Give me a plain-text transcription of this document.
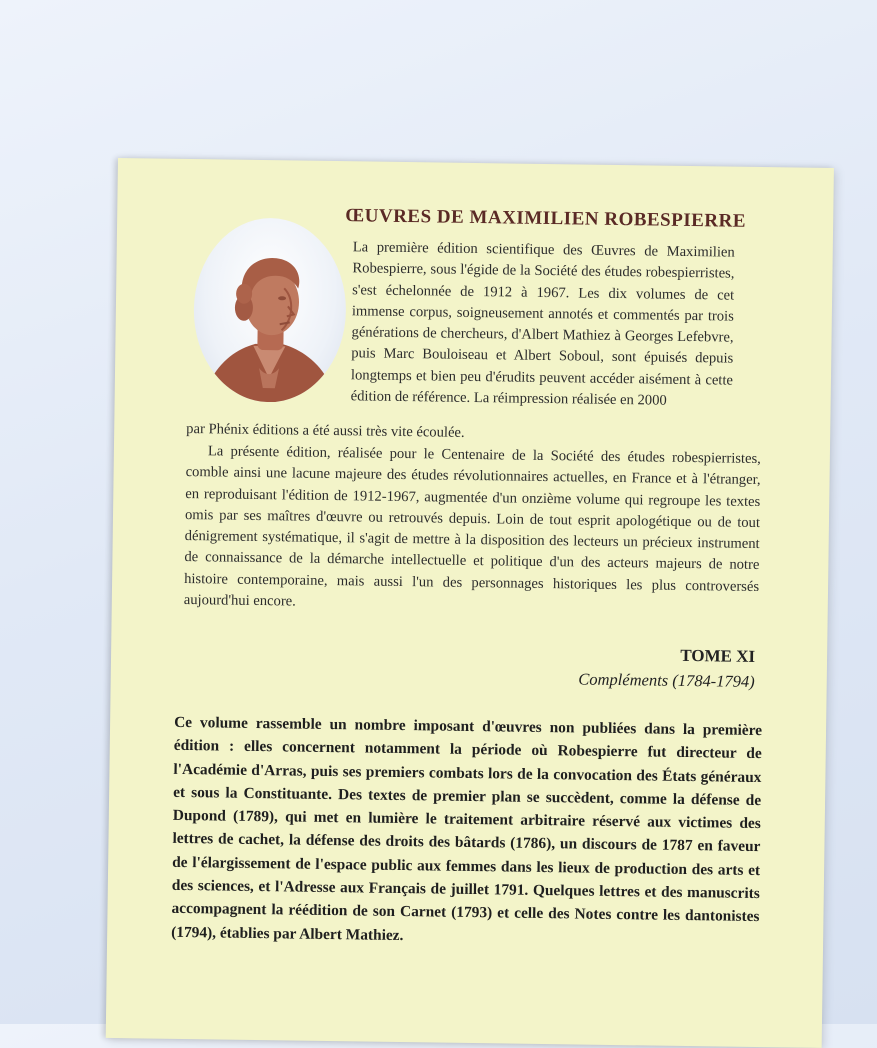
ŒUVRES DE MAXIMILIEN ROBESPIERRE
La première édition scientifique des Œuvres de Maximilien Robespierre, sous l'égide de la Société des études robespierristes, s'est échelonnée de 1912 à 1967. Les dix volumes de cet immense corpus, soigneusement annotés et commentés par trois générations de chercheurs, d'Albert Mathiez à Georges Lefebvre, puis Marc Bouloiseau et Albert Soboul, sont épuisés depuis longtemps et bien peu d'érudits peuvent accéder aisément à cette édition de référence. La réimpression réalisée en 2000
par Phénix éditions a été aussi très vite écoulée.
La présente édition, réalisée pour le Centenaire de la Société des études robespierristes, comble ainsi une lacune majeure des études révolutionnaires actuelles, en France et à l'étranger, en reproduisant l'édition de 1912-1967, augmentée d'un onzième volume qui regroupe les textes omis par ses maîtres d'œuvre ou retrouvés depuis. Loin de tout esprit apologétique ou de tout dénigrement systématique, il s'agit de mettre à la disposition des lecteurs un précieux instrument de connaissance de la démarche intellectuelle et politique d'un des acteurs majeurs de notre histoire contemporaine, mais aussi l'un des personnages historiques les plus controversés aujourd'hui encore.
TOME XI
Compléments (1784-1794)
Ce volume rassemble un nombre imposant d'œuvres non publiées dans la première édition : elles concernent notamment la période où Robespierre fut directeur de l'Académie d'Arras, puis ses premiers combats lors de la convocation des États généraux et sous la Constituante. Des textes de premier plan se succèdent, comme la défense de Dupond (1789), qui met en lumière le traitement arbitraire réservé aux victimes des lettres de cachet, la défense des droits des bâtards (1786), un discours de 1787 en faveur de l'élargissement de l'espace public aux femmes dans les lieux de production des arts et des sciences, et l'Adresse aux Français de juillet 1791. Quelques lettres et des manuscrits accompagnent la réédition de son Carnet (1793) et celle des Notes contre les dantonistes (1794), établies par Albert Mathiez.
